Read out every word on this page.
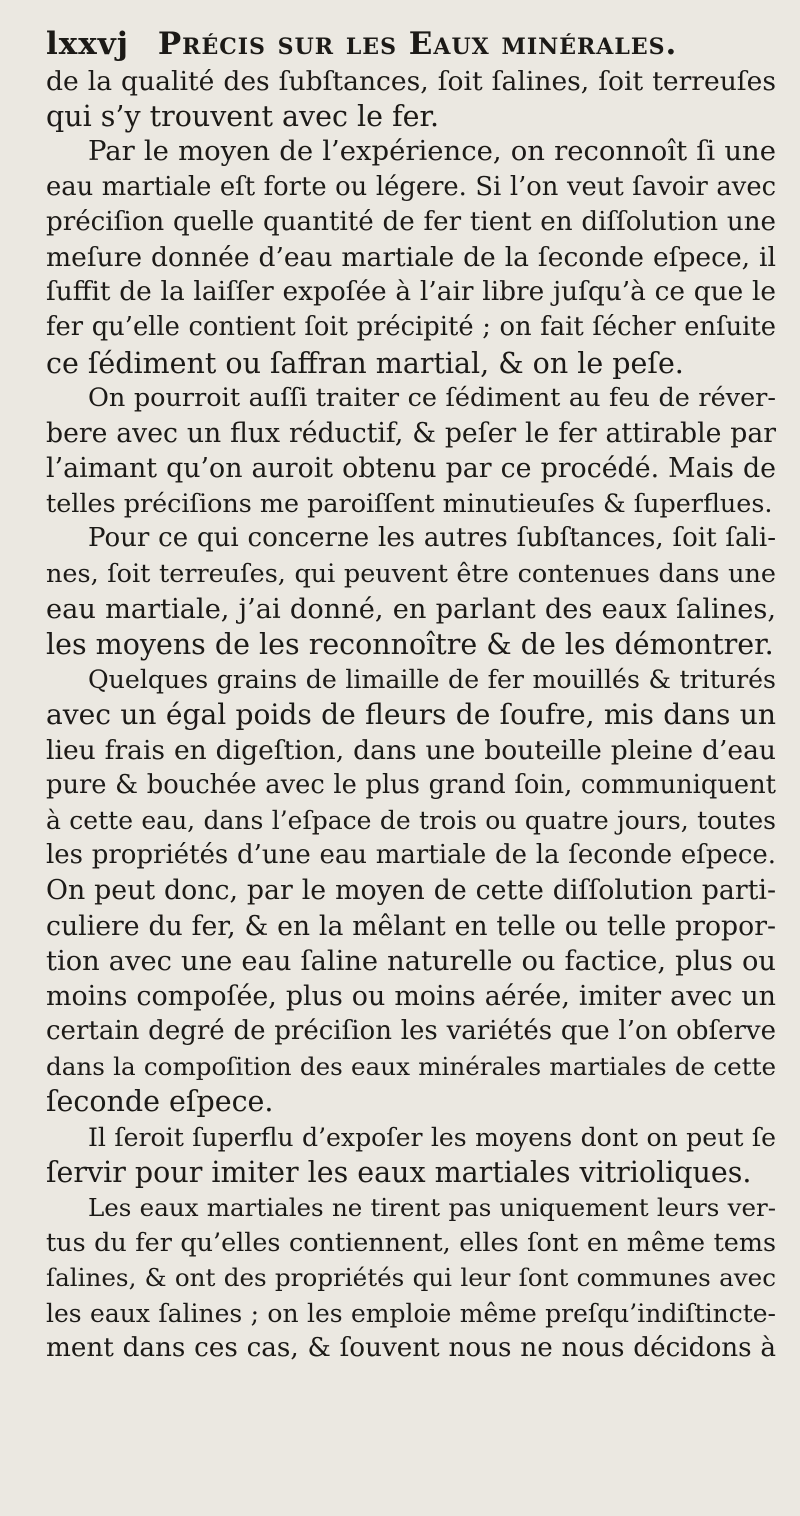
lxxvj Précis sur les Eaux minérales.
de la qualité des ſubſtances, ſoit ſalines, ſoit terreuſes
qui s’y trouvent avec le fer.
Par le moyen de l’expérience, on reconnoît ſi une
eau martiale eſt forte ou légere. Si l’on veut ſavoir avec
préciſion quelle quantité de fer tient en diſſolution une
meſure donnée d’eau martiale de la ſeconde eſpece, il
ſuffit de la laiſſer expoſée à l’air libre juſqu’à ce que le
fer qu’elle contient ſoit précipité ; on fait ſécher enſuite
ce ſédiment ou ſaffran martial, & on le peſe.
On pourroit auſſi traiter ce ſédiment au feu de réver-
bere avec un flux réductif, & peſer le fer attirable par
l’aimant qu’on auroit obtenu par ce procédé. Mais de
telles préciſions me paroiſſent minutieuſes & ſuperflues.
Pour ce qui concerne les autres ſubſtances, ſoit ſali-
nes, ſoit terreuſes, qui peuvent être contenues dans une
eau martiale, j’ai donné, en parlant des eaux ſalines,
les moyens de les reconnoître & de les démontrer.
Quelques grains de limaille de fer mouillés & triturés
avec un égal poids de fleurs de ſoufre, mis dans un
lieu frais en digeſtion, dans une bouteille pleine d’eau
pure & bouchée avec le plus grand ſoin, communiquent
à cette eau, dans l’eſpace de trois ou quatre jours, toutes
les propriétés d’une eau martiale de la ſeconde eſpece.
On peut donc, par le moyen de cette diſſolution parti-
culiere du fer, & en la mêlant en telle ou telle propor-
tion avec une eau ſaline naturelle ou factice, plus ou
moins compoſée, plus ou moins aérée, imiter avec un
certain degré de préciſion les variétés que l’on obſerve
dans la compoſition des eaux minérales martiales de cette
ſeconde eſpece.
Il ſeroit ſuperflu d’expoſer les moyens dont on peut ſe
ſervir pour imiter les eaux martiales vitrioliques.
Les eaux martiales ne tirent pas uniquement leurs ver-
tus du fer qu’elles contiennent, elles ſont en même tems
ſalines, & ont des propriétés qui leur ſont communes avec
les eaux ſalines ; on les emploie même preſqu’indiſtincte-
ment dans ces cas, & ſouvent nous ne nous décidons à
